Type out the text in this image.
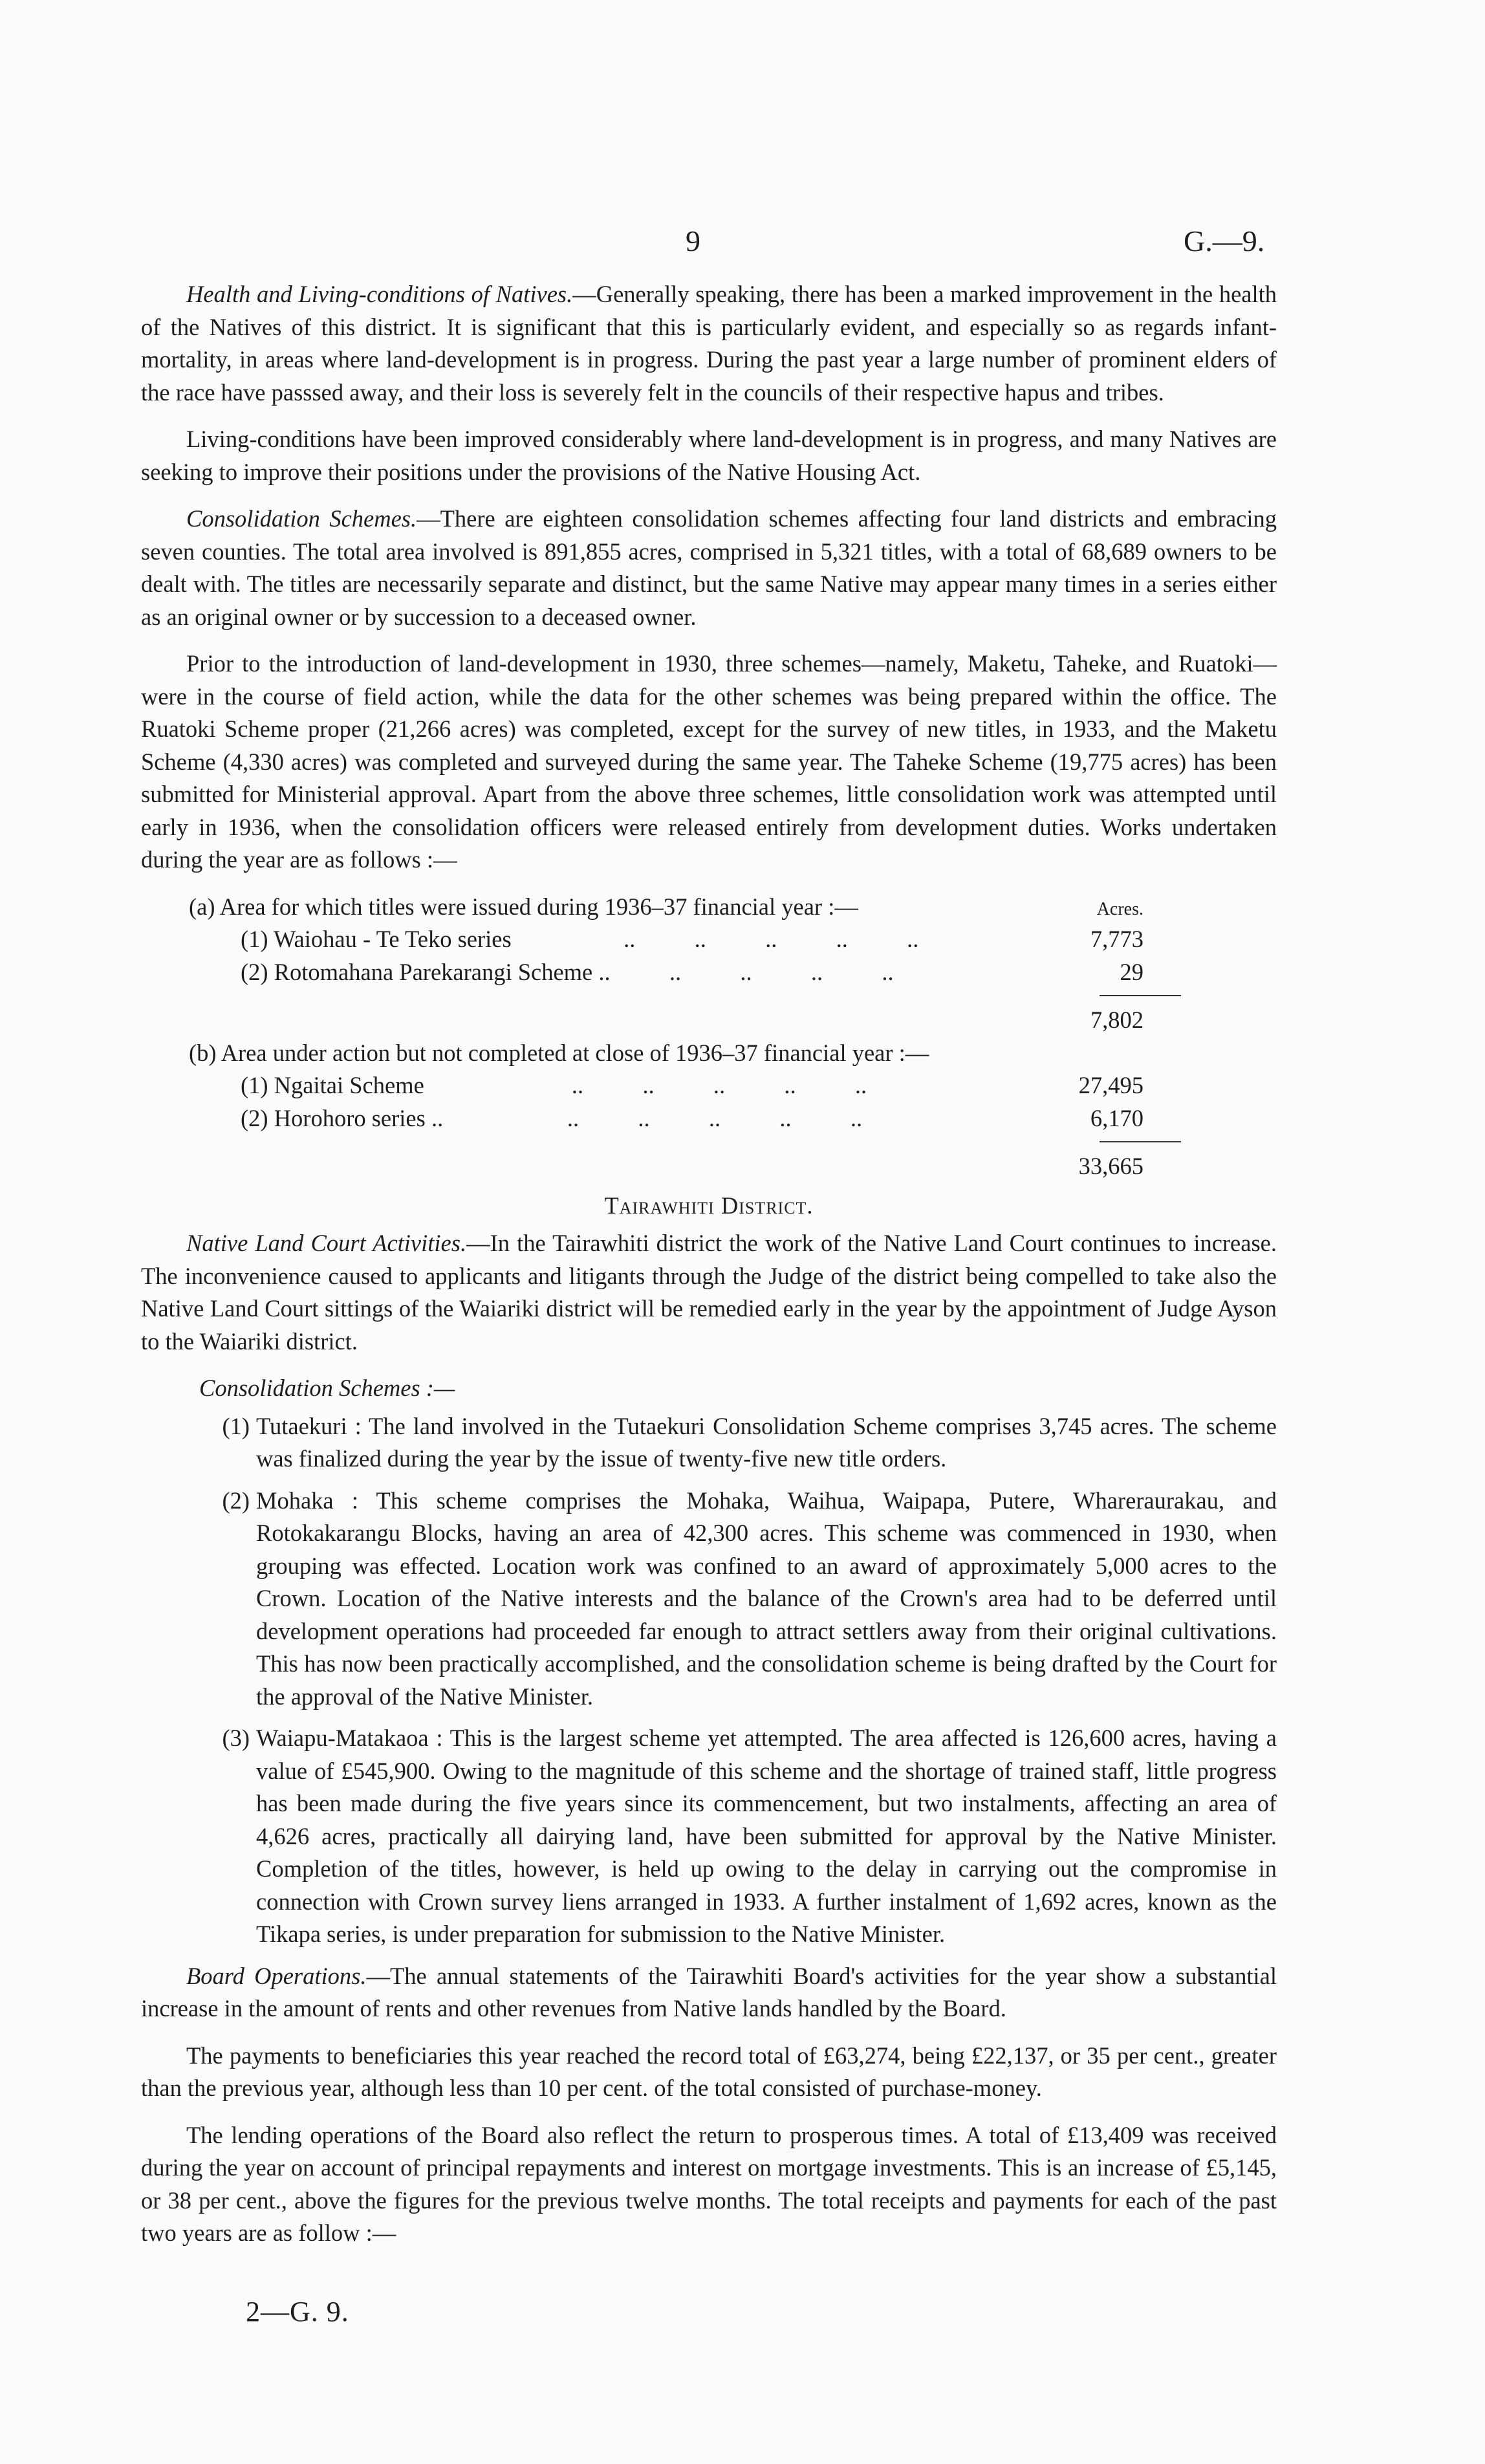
9	G.—9.

Health and Living-conditions of Natives.—Generally speaking, there has been a marked improvement in the health of the Natives of this district. It is significant that this is particularly evident, and especially so as regards infant-mortality, in areas where land-development is in progress. During the past year a large number of prominent elders of the race have passsed away, and their loss is severely felt in the councils of their respective hapus and tribes.

Living-conditions have been improved considerably where land-development is in progress, and many Natives are seeking to improve their positions under the provisions of the Native Housing Act.

Consolidation Schemes.—There are eighteen consolidation schemes affecting four land districts and embracing seven counties. The total area involved is 891,855 acres, comprised in 5,321 titles, with a total of 68,689 owners to be dealt with. The titles are necessarily separate and distinct, but the same Native may appear many times in a series either as an original owner or by succession to a deceased owner.

Prior to the introduction of land-development in 1930, three schemes—namely, Maketu, Taheke, and Ruatoki—were in the course of field action, while the data for the other schemes was being prepared within the office. The Ruatoki Scheme proper (21,266 acres) was completed, except for the survey of new titles, in 1933, and the Maketu Scheme (4,330 acres) was completed and surveyed during the same year. The Taheke Scheme (19,775 acres) has been submitted for Ministerial approval. Apart from the above three schemes, little consolidation work was attempted until early in 1936, when the consolidation officers were released entirely from development duties. Works undertaken during the year are as follows :—

(a) Area for which titles were issued during 1936–37 financial year :—	Acres.
(1) Waiohau - Te Teko series                   ..          ..          ..          ..          ..	7,773
(2) Rotomahana Parekarangi Scheme ..          ..          ..          ..          ..	29
7,802
(b) Area under action but not completed at close of 1936–37 financial year :—
(1) Ngaitai Scheme                         ..          ..          ..          ..          ..	27,495
(2) Horohoro series ..                     ..          ..          ..          ..          ..	6,170
33,665

Tairawhiti District.

Native Land Court Activities.—In the Tairawhiti district the work of the Native Land Court continues to increase. The inconvenience caused to applicants and litigants through the Judge of the district being compelled to take also the Native Land Court sittings of the Waiariki district will be remedied early in the year by the appointment of Judge Ayson to the Waiariki district.

Consolidation Schemes :—
(1) Tutaekuri : The land involved in the Tutaekuri Consolidation Scheme comprises 3,745 acres. The scheme was finalized during the year by the issue of twenty-five new title orders.
(2) Mohaka : This scheme comprises the Mohaka, Waihua, Waipapa, Putere, Whareraurakau, and Rotokakarangu Blocks, having an area of 42,300 acres. This scheme was commenced in 1930, when grouping was effected. Location work was confined to an award of approximately 5,000 acres to the Crown. Location of the Native interests and the balance of the Crown's area had to be deferred until development operations had proceeded far enough to attract settlers away from their original cultivations. This has now been practically accomplished, and the consolidation scheme is being drafted by the Court for the approval of the Native Minister.
(3) Waiapu-Matakaoa : This is the largest scheme yet attempted. The area affected is 126,600 acres, having a value of £545,900. Owing to the magnitude of this scheme and the shortage of trained staff, little progress has been made during the five years since its commencement, but two instalments, affecting an area of 4,626 acres, practically all dairying land, have been submitted for approval by the Native Minister. Completion of the titles, however, is held up owing to the delay in carrying out the compromise in connection with Crown survey liens arranged in 1933. A further instalment of 1,692 acres, known as the Tikapa series, is under preparation for submission to the Native Minister.

Board Operations.—The annual statements of the Tairawhiti Board's activities for the year show a substantial increase in the amount of rents and other revenues from Native lands handled by the Board.

The payments to beneficiaries this year reached the record total of £63,274, being £22,137, or 35 per cent., greater than the previous year, although less than 10 per cent. of the total consisted of purchase-money.

The lending operations of the Board also reflect the return to prosperous times. A total of £13,409 was received during the year on account of principal repayments and interest on mortgage investments. This is an increase of £5,145, or 38 per cent., above the figures for the previous twelve months. The total receipts and payments for each of the past two years are as follow :—

2—G. 9.
